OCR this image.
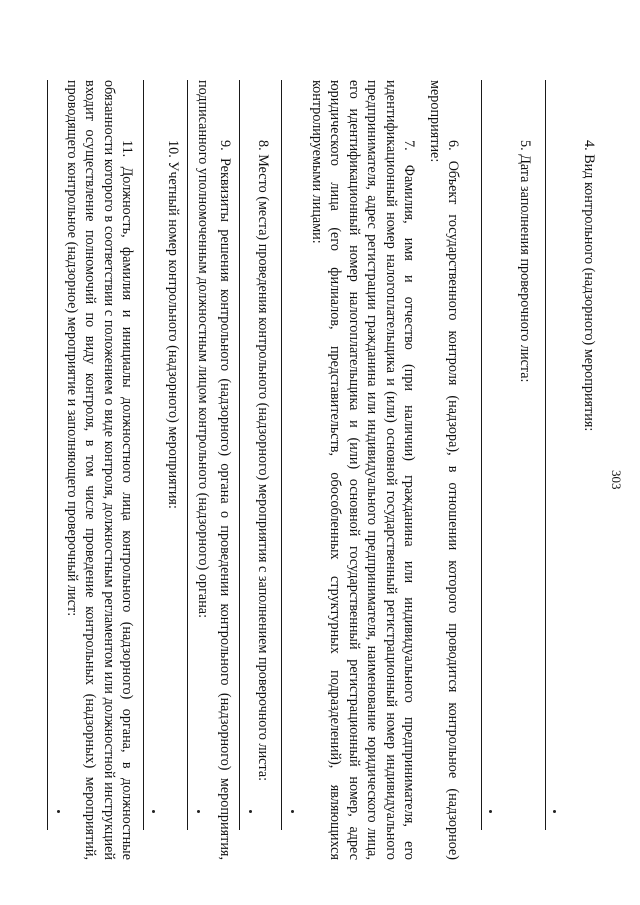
303
4. Вид контрольного (надзорного) мероприятия:
5. Дата заполнения проверочного листа:
6. Объект государственного контроля (надзора), в отношении которого проводится контрольное (надзорное) мероприятие:
7. Фамилия, имя и отчество (при наличии) гражданина или индивидуального предпринимателя, его идентификационный номер налогоплательщика и (или) основной государственный регистрационный номер индивидуального предпринимателя, адрес регистрации гражданина или индивидуального предпринимателя, наименование юридического лица, его идентификационный номер налогоплательщика и (или) основной государственный регистрационный номер, адрес юридического лица (его филиалов, представительств, обособленных структурных подразделений), являющихся контролируемыми лицами:
8. Место (места) проведения контрольного (надзорного) мероприятия с заполнением проверочного листа:
9. Реквизиты решения контрольного (надзорного) органа о проведении контрольного (надзорного) мероприятия, подписанного уполномоченным должностным лицом контрольного (надзорного) органа:
10. Учетный номер контрольного (надзорного) мероприятия:
11. Должность, фамилия и инициалы должностного лица контрольного (надзорного) органа, в должностные обязанности которого в соответствии с положением о виде контроля, должностным регламентом или должностной инструкцией входит осуществление полномочий по виду контроля, в том числе проведение контрольных (надзорных) мероприятий, проводящего контрольное (надзорное) мероприятие и заполняющего проверочный лист:
